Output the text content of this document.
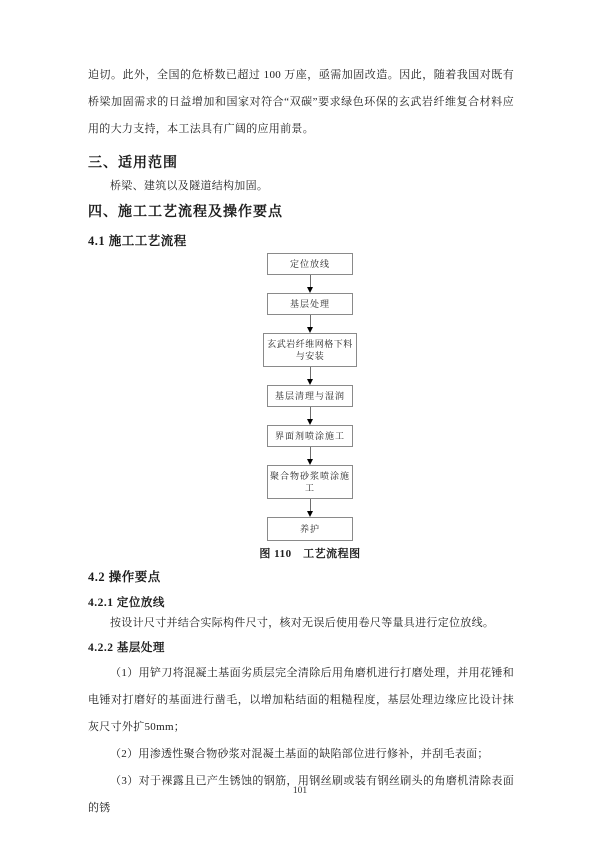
迫切。此外，全国的危桥数已超过 100 万座，亟需加固改造。因此，随着我国对既有桥梁加固需求的日益增加和国家对符合“双碳”要求绿色环保的玄武岩纤维复合材料应用的大力支持，本工法具有广阔的应用前景。

三、适用范围

桥梁、建筑以及隧道结构加固。

四、施工工艺流程及操作要点
4.1 施工工艺流程
定位放线
基层处理
玄武岩纤维网格下料与安装
基层清理与湿润
界面剂喷涂施工
聚合物砂浆喷涂施工
养护

图 110　工艺流程图

4.2 操作要点
4.2.1 定位放线

按设计尺寸并结合实际构件尺寸，核对无误后使用卷尺等量具进行定位放线。

4.2.2 基层处理

（1）用铲刀将混凝土基面劣质层完全清除后用角磨机进行打磨处理，并用花锤和电锤对打磨好的基面进行凿毛，以增加粘结面的粗糙程度，基层处理边缘应比设计抹灰尺寸外扩50mm；

（2）用渗透性聚合物砂浆对混凝土基面的缺陷部位进行修补，并刮毛表面；

（3）对于裸露且已产生锈蚀的钢筋，用钢丝刷或装有钢丝刷头的角磨机清除表面的锈

101
